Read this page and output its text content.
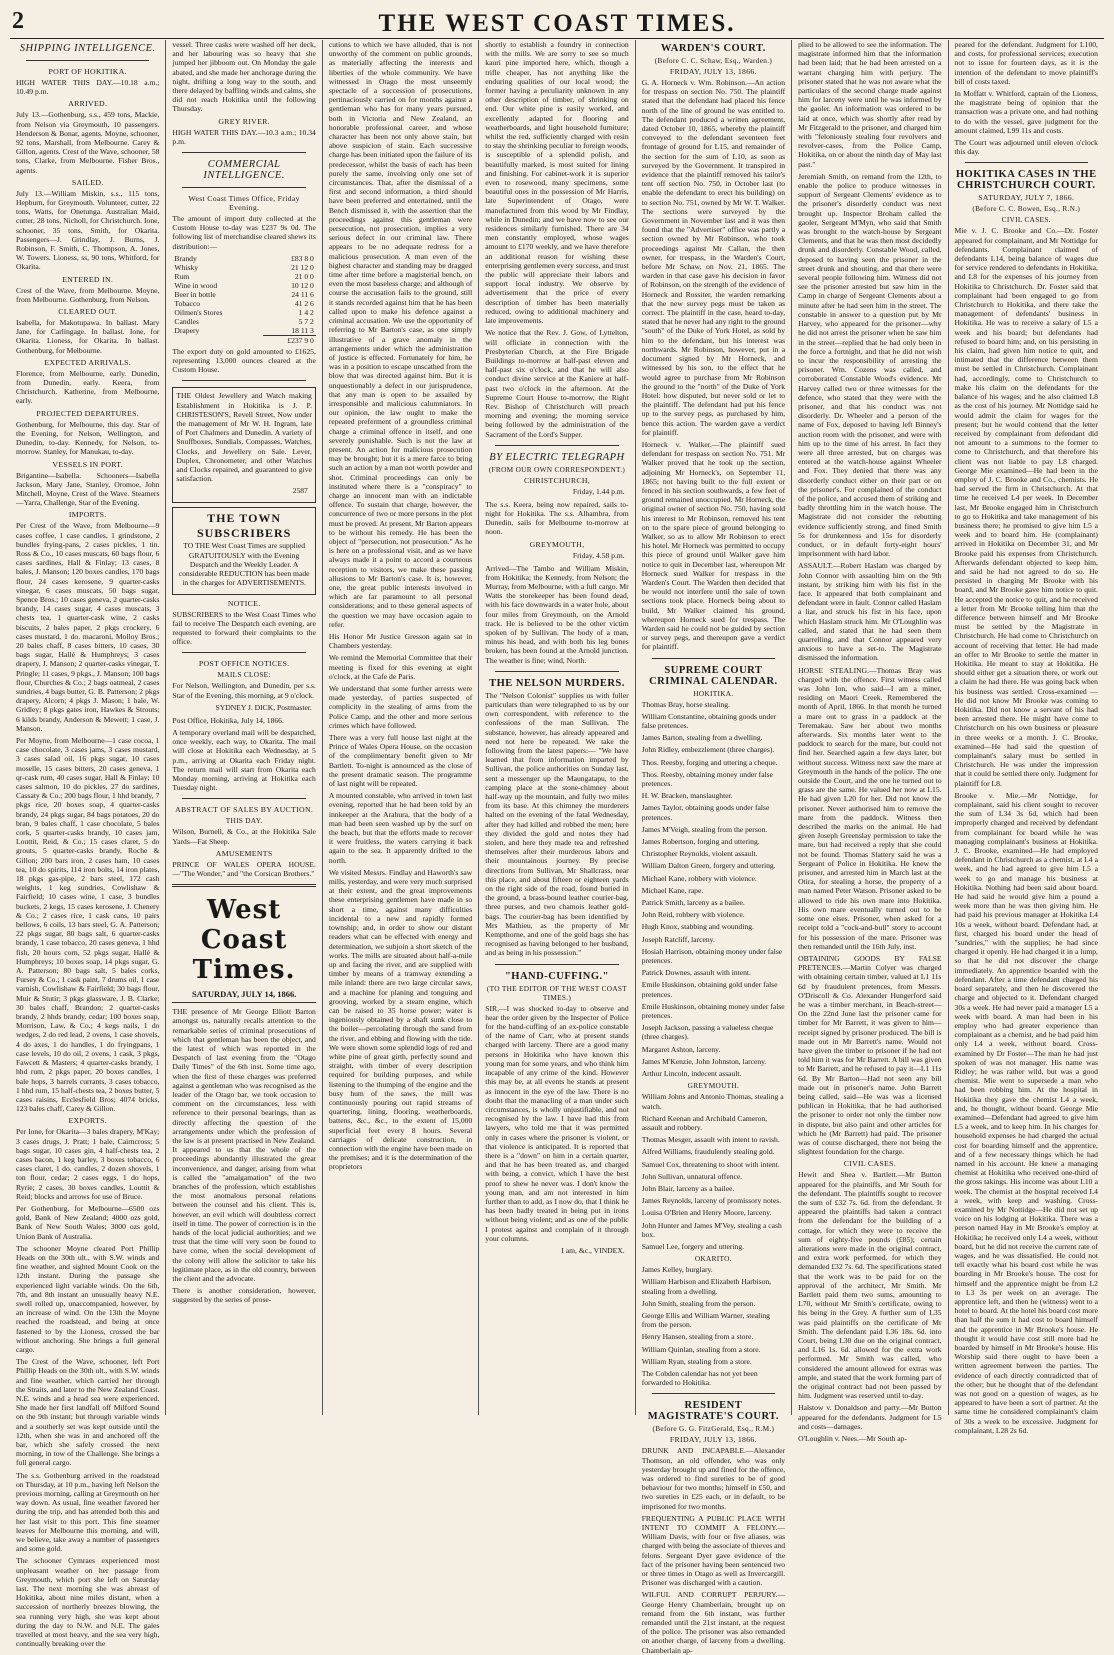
2	THE WEST COAST TIMES.
SHIPPING INTELLIGENCE.
PORT OF HOKITIKA.

HIGH WATER THIS DAY.—10.18 a.m.; 10.49 p.m.

ARRIVED.

July 13.—Gothenburg, s.s., 459 tons, Mackie, from Nelson via Greymouth, 10 passengers. Henderson & Bonar, agents. Moyne, schooner, 92 tons, Marshall, from Melbourne. Carey & Gillon, agents. Crest of the Wave, schooner, 58 tons, Clarke, from Melbourne. Fisher Bros., agents.

SAILED.

July 13.—William Miskin, s.s., 115 tons, Hepburn, for Greymouth. Volunteer, cutter, 22 tons, Watts, for Onetunga. Australian Maid, cutter, 28 tons, Nicholl, for Christchurch. Ione, schooner, 35 tons, Smith, for Okarita. Passengers—J. Grindlay, J. Burns, J. Robinson, F. Smith, C. Thompson, A. Jones, W. Towers. Lioness, ss, 90 tons, Whitford, for Okarita.

ENTERED IN.

Crest of the Wave, from Melbourne. Moyne, from Melbourne. Gothenburg, from Nelson.

CLEARED OUT.

Isabella, for Makotupawa. In ballast. Mary Jane, for Carlingage. In ballast. Ione, for Okarita. Lioness, for Okarita. In ballast. Gothenburg, for Melbourne.

EXPECTED ARRIVALS.

Florence, from Melbourne, early. Dunedin, from Dunedin, early. Keera, from Christchurch. Katherine, from Melbourne, early.

PROJECTED DEPARTURES.

Gothenburg, for Melbourne, this day. Star of the Evening, for Nelson, Wellington, and Dunedin, to-day. Kennedy, for Nelson, to-morrow. Stanley, for Manukau, to-day.

VESSELS IN PORT.

Brigantine—Isabella. Schooners—Isabella Jackson, Mary Jane, Stanley, Oromoe, John Mitchell, Moyne, Crest of the Wave. Steamers—Yarra, Challenge, Star of the Evening.

IMPORTS.

Per Crest of the Wave, from Melbourne—9 cases coffee, 1 case candles, 1 grindstone, 2 bundles frying-pans, 2 cases pickles, 1 tin. Ross & Co., 10 cases muscats, 60 bags flour, 6 cases sardines, Hall & Finlay; 13 cases, 8 bales, J. Manson; 120 boxes candles, 170 bags flour, 24 cases kerosene, 9 quarter-casks vinegar, 6 cases muscats, 50 bags sugar, Spence Bros.; 10 cases geneva, 2 quarter-casks brandy, 14 cases sugar, 4 cases muscats, 3 chests tea, 1 quarter-cask wine, 2 casks biscuits, 2 bales paper, 2 pkgs crockery, 6 cases mustard, 1 do. macaroni, Molloy Bros.; 20 bales chaff, 8 cases bitters, 10 cases, 30 bags sugar, Hallé & Humphreys; 3 cases drapery, J. Manson; 2 quarter-casks vinegar, T. Pringle; 11 cases, 9 pkgs., J. Manson; 100 bags flour, Churches & Co.; 2 bags oatmeal, 2 cases sundries, 4 bags butter, G. B. Patterson; 2 pkgs drapery, Alcorn; 4 pkgs J. Mason; 1 bale, W. Gridley; 8 pkgs gates iron, Hawkes & Strouts; 6 kilds brandy, Anderson & Mewett; 1 case, J. Manson.

Per Moyne, from Melbourne—1 case cocoa, 1 case chocolate, 3 cases jams, 3 cases mustard, 3 cases salad oil, 16 pkgs sugar, 10 cases moselle, 15 cases bitters, 20 cases geneva, 1 qr-cask rum, 40 cases sugar, Hall & Finlay; 10 cases salmon, 10 do pickles, 27 do sardines, Cassaty & Co.; 200 bags flour, 1 hhd brandy, 7 pkgs rice, 20 boxes soap, 4 quarter-casks brandy, 24 pkgs sugar, 84 bags potatoes, 20 do bran, 9 bales chaff, 1 case chocolate, 5 bales cork, 5 quarter-casks brandy, 10 cases jam, Louttit, Reid, & Co.; 15 cases claret, 5 do grouts, 5 quarter-casks brandy, Roche & Gillon; 200 bars iron, 2 cases ham, 10 cases tea, 10 do spirits, 114 iron bolts, 14 iron plates, 18 pkgs gas-pipe, 2 bars steel, 172 cash weights, 1 keg sundries, Cowlishaw & Fairfield; 10 cases wine, 1 case, 3 bundles buckets, 2 kegs, 15 cases kerosene, J. Chenery & Co.; 2 cases rice, 1 cask cans, 10 pairs bellows, 6 coils, 13 bars steel, G. A. Patterson; 22 pkgs sugar, 80 bags salt, 6 quarter-casks brandy, 1 case tobacco, 20 cases geneva, 1 hhd fish, 20 hours corn, 52 pkgs sugar, Hallé & Humphreys; 10 boxes soap, 14 pkgs sugar, G. A. Patterson; 80 bags salt, 5 bales corks, Fursey & Co.; 1 cask paint, 7 drums oil, 1 case varnish, Cowlishaw & Fairfield; 30 bags flour, Muir & Stutir; 3 pkgs glassware, J. B. Clarke; 30 bales chaff, Brandon; 2 quarter-casks brandy, 2 hhds brandy, cedar; 100 boxes soap, Morrison, Law, & Co.; 4 kegs nails, 1 do wedges, 2 do red lead, 2 ovens, 1 case shovels, 4 do axes, 1 do handles, 1 do fryingpans, 1 case levels, 10 do oil, 2 ovens, 1 cask, 3 pkgs, Fawcett & Masters; 4 quarter-casks brandy, 1 hhd rum, 2 pkgs paper, 20 boxes candles, 1 bale hops, 3 barrels currants, 3 cases tobacco, 1 hhd rum, 15 half-chests tea, 2 boxes butter, 5 cases raisins, Ecclesfield Bros; 4074 bricks, 123 bales chaff, Carey & Gillon.

EXPORTS.

Per Ione, for Okarita—3 bales drapery, M'Kay; 3 cases drugs, J. Pratt; 1 bale, Cairncross; 5 bags sugar, 10 cases gin, 4 half-chests tea, 2 cases bacon, 1 keg barley, 3 boxes tobacco, 6 cases claret, 1 do. candles, 2 dozen shovels, 1 ton flour, cedar; 2 cases eggs, 1 do hops, Ryrie; 2 cases, 30 boxes candles, Louttit & Reid; blocks and arrows for use of Bruce.

Per Gothenburg, for Melbourne—6500 ozs gold, Bank of New Zealand; 4000 ozs gold, Bank of New South Wales; 3000 ozs gold, Union Bank of Australia.

The schooner Moyne cleared Port Phillip Heads on the 30th ult., with S.W. winds and fine weather, and sighted Mount Cook on the 12th instant. During the passage she experienced light variable winds. On the 6th, 7th, and 8th instant an unusually heavy N.E. swell rolled up, unaccompanied, however, by an increase of wind. On the 13th the Moyne reached the roadstead, and being at once fastened to by the Lioness, crossed the bar without anchoring. She brings a full general cargo.

The Crest of the Wave, schooner, left Port Phillip Heads on the 30th ult., with S.W. winds and fine weather, which carried her through the Straits, and later to the New Zealand Coast. N.E. winds and a head sea were experienced. She made her first landfall off Milford Sound on the 9th instant; but through variable winds and a southerly set was kept outside until the 12th, when she was in and anchored off the bar, which she safely crossed the next morning, in tow of the Challenge. She brings a full general cargo.

The s.s. Gothenburg arrived in the roadstead on Thursday, at 10 p.m., having left Nelson the previous morning, calling at Greymouth on her way down. As usual, fine weather favored her during the trip, and has attended both this and her last visit to this port. This fine steamer leaves for Melbourne this morning, and will, we believe, take away a number of passengers and some gold.

The schooner Cymraes experienced most unpleasant weather on her passage from Greymouth, which port she left on Saturday last. The next morning she was abreast of Hokitika, about nine miles distant, when a succession of northerly breezes blowing, the sea running very high, she was kept about during the day to N.W. and N.E. The gales travelled at most heavy, and the sea very high, continually breaking over the

vessel. Three casks were washed off her deck, and her labouring was so heavy that she jumped her jibboom out. On Monday the gale abated, and she made her anchorage during the night, drifting a long way to the south, and there delayed by baffling winds and calms, she did not reach Hokitika until the following Thursday.

GREY RIVER.

HIGH WATER THIS DAY.—10.3 a.m.; 10.34 p.m.

COMMERCIAL INTELLIGENCE.
West Coast Times Office, Friday Evening.

The amount of import duty collected at the Custom House to-day was £237 9s 0d. The following list of merchandise cleared shews its distribution:—

Brandy	£83 8 0
Whisky	21 12 0
Rum	21 0 0
Wine in wood	10 12 0
Beer in bottle	24 11 6
Tobacco	41 2 6
Oilmen's Stores	1 4 2
Candles	5 7 2
Drapery	18 11 3
	£237 9 0

The export duty on gold amounted to £1625, representing 13,000 ounces cleared at the Custom House.

THE Oldest Jewellery and Watch making Establishment in Hokitika is J. P. CHRISTESON'S, Revell Street, Now under the management of Mr W. H. Ingram, late of Port Chalmers and Dunedin. A variety of Snuffboxes, Sundials, Compasses, Watches, Clocks, and Jewellery on Sale. Lever, Duplex, Chronometer, and other Watches and Clocks repaired, and guaranteed to give satisfaction.

2587
THE TOWN SUBSCRIBERS

TO THE West Coast Times are supplied GRATUITOUSLY with the Evening Despatch and the Weekly Leader. A considerable REDUCTION has been made in the charges for ADVERTISEMENTS.

NOTICE.

SUBSCRIBERS to the West Coast Times who fail to receive The Despatch each evening, are requested to forward their complaints to the office.

POST OFFICE NOTICES.
MAILS CLOSE:

For Nelson, Wellington, and Dunedin, per s.s. Star of the Evening, this morning, at 9 o'clock.

SYDNEY J. DICK, Postmaster.

Post Office, Hokitika, July 14, 1866.

A temporary overland mail will be despatched, once weekly, each way, to Okarita. The mail will close at Hokitika each Wednesday, at 5 p.m., arriving at Okarita each Friday night. The return mail will start from Okarita each Monday morning, arriving at Hokitika each Tuesday night.

ABSTRACT OF SALES BY AUCTION.
THIS DAY.

Wilson, Burnell, & Co., at the Hokitika Sale Yards—Fat Sheep.

AMUSEMENTS

PRINCE OF WALES OPERA HOUSE.—"The Wonder," and "the Corsican Brothers."

West Coast Times.
SATURDAY, JULY 14, 1866.

THE presence of Mr George Elliott Barton amongst us, naturally recalls attention to the remarkable series of criminal prosecutions of which that gentleman has been the object, and the latest of which was reported in the Despatch of last evening from the "Otago Daily Times" of the 6th inst. Some time ago, when the first of these charges was preferred against a gentleman who was recognised as the leader of the Otago bar, we took occasion to comment on the circumstances, less with reference to their personal bearings, than as directly affecting the question of the arrangements under which the profession of the law is at present practised in New Zealand. It appeared to us that the whole of the proceedings abundantly illustrated the great inconvenience, and danger, arising from what is called the "amalgamation" of the two branches of the profession, which establishes the most anomalous personal relations between the counsel and his client. This is, however, an evil which will doubtless correct itself in time. The power of correction is in the hands of the local judicial authorities; and we trust that the time will very soon be found to have come, when the social development of the colony will allow the solicitor to take his legitimate place, as in the old country, between the client and the advocate.

There is another consideration, however, suggested by the series of prose-

cutions to which we have alluded, that is not unworthy of the comment on public grounds, as materially affecting the interests and liberties of the whole community. We have witnessed in Otago the most unseemly spectacle of a succession of prosecutions, pertinaciously carried on for months against a gentleman who has for many years pursued, both in Victoria and New Zealand, an honorable professional career, and whose character has been not only above stain, but above suspicion of stain. Each successive charge has been initiated upon the failure of its predecessor, whilst the basis of each has been purely the same, involving only one set of circumstances. That, after the dismissal of a first and second information, a third should have been preferred and entertained, until the Bench dismissed it, with the assertion that the proceedings against this gentleman were persecution, not prosecution, implies a very serious defect in our criminal law. There appears to be no adequate redress for a malicious prosecution. A man even of the highest character and standing may be dragged time after time before a magisterial bench, on even the most baseless charge; and although of course the accusation fails to the ground, still it stands recorded against him that he has been called upon to make his defence against a criminal accusation. We use the opportunity of referring to Mr Barton's case, as one simply illustrative of a grave anomaly in the arrangements under which the administration of justice is effected. Fortunately for him, he was in a position to escape unscathed from the blow that was directed against him. But it is unquestionably a defect in our jurisprudence, that any man is open to be assailed by irresponsible and malicious calumniators. In our opinion, the law ought to make the repeated preferment of a groundless criminal charge a criminal offence in itself, and one severely punishable. Such is not the law at present. An action for malicious prosecution may be brought; but it is a mere farce to bring such an action by a man not worth powder and shot. Criminal proceedings can only be instituted where there is a "conspiracy" to charge an innocent man with an indictable offence. To sustain that charge, however, the concurrence of two or more persons in the plot must be proved. At present, Mr Barton appears to be without his remedy. He has been the object of "persecution, not prosecution." As he is here on a professional visit, and as we have always made it a point to accord a courteous reception to visitors, we make these passing allusions to Mr Barton's case. It is, however, one, the great public interests involved in which are far paramount to all personal considerations; and to these general aspects of the question we may have occasion again to refer.

His Honor Mr Justice Gresson again sat in Chambers yesterday.

We remind the Memorial Committee that their meeting is fixed for this evening at eight o'clock, at the Cafe de Paris.

We understand that some further arrests were made yesterday, of parties suspected of complicity in the stealing of arms from the Police Camp, and the other and more serious crimes which have followed.

There was a very full house last night at the Prince of Wales Opera House, on the occasion of the complimentary benefit given to Mr Bartlett. To-night is announced as the close of the present dramatic season. The programme of last night will be repeated.

A mounted constable, who arrived in town last evening, reported that he had been told by an innkeeper at the Arahura, that the body of a man had been seen washed up by the surf on the beach, but that the efforts made to recover it were fruitless, the waters carrying it back again to the sea. It apparently drifted to the north.

We visited Messrs. Findlay and Haworth's saw mills, yesterday, and were very much surprised at their extent, and the great improvements these enterprising gentlemen have made in so short a time, against many difficulties incidental to a new and rapidly formed township; and, in order to show our distant readers what can be effected with energy and determination, we subjoin a short sketch of the works. The mills are situated about half-a-mile up and facing the river, and are supplied with timber by means of a tramway extending a mile inland: there are two large circular saws, and a machine for planing and tonguing and grooving, worked by a steam engine, which can be raised to 35 horse power; water is ingeniously obtained by a shaft sunk close to the boiler—percolating through the sand from the river, and ebbing and flowing with the tide. We were shown some splendid logs of red and white pine of great girth, perfectly sound and straight, with timber of every description required for building purposes, and while listening to the thumping of the engine and the busy hum of the saws, the mill was continuously pouring out rapid streams of quartering, lining, flooring, weatherboards, battens, &c., &c., to the extent of 15,000 superficial feet every 8 hours. Several carriages of delicate construction, in connection with the engine have been made on the premises; and it is the determination of the proprietors

shortly to establish a foundry in connection with the mills. We are sorry to see so much kauri pine imported here, which, though a trifle cheaper, has not anything like the enduring qualities of our local wood; the former having a peculiarity unknown in any other description of timber, of shrinking on end. Our white pine is easily worked, and excellently adapted for flooring and weatherboards, and light household furniture; whilst the red, sufficiently charged with resin to stay the shrinking peculiar to foreign woods, is susceptible of a splendid polish, and beautifully marked, is most suited for lining and finishing. For cabinet-work it is superior even to rosewood, many specimens, some beautiful ones in the possession of Mr Harris, late Superintendent of Otago, were manufactured from this wood by Mr Findlay, while in Dunedin; and we have now to see our residences similarly furnished. There are 34 men constantly employed, whose wages amount to £170 weekly, and we have therefore an additional reason for wishing these enterprising gentlemen every success, and trust the public will appreciate their labors and support local industry. We observe by advertisement that the price of every description of timber has been materially reduced, owing to additional machinery and late improvements.

We notice that the Rev. J. Gow, of Lyttelton, will officiate in connection with the Presbyterian Church, at the Fire Brigade Buildings to-morrow at half-past eleven and half-past six o'clock, and that he will also conduct divine service at the Kaniere at half-past two o'clock in the afternoon. At the Supreme Court House to-morrow, the Right Rev. Bishop of Christchurch will preach morning and evening; the morning service being followed by the administration of the Sacrament of the Lord's Supper.

BY ELECTRIC TELEGRAPH
(FROM OUR OWN CORRESPONDENT.)
CHRISTCHURCH,
Friday, 1.44 p.m.

The s.s. Keera, being now repaired, sails to-night for Hokitika. The s.s. Alhambra, from Dunedin, sails for Melbourne to-morrow at noon.

GREYMOUTH,
Friday, 4.58 p.m.

Arrived—The Tambo and William Miskin, from Hokitika; the Kennedy, from Nelson; the Murray, from Melbourne, with a full cargo. Mr Watts the storekeeper has been found dead, with his face downwards in a water hole, about four miles from Greymouth, on the Arnold track. He is believed to be the other victim spoken of by Sullivan. The body of a man, minus his head, and with both his leg bones broken, has been found at the Arnold junction. The weather is fine; wind, North.

THE NELSON MURDERS.

The "Nelson Colonist" supplies us with fuller particulars than were telegraphed to us by our own correspondent, with reference to the confessions of the man Sullivan. The substance, however, has already appeared and need not here be repeated. We take the following from the latest papers:— "We have learned that from information imparted by Sullivan, the police authorities on Sunday last, sent a messenger up the Maungatapu, to the camping place at the stone-chimney about half-way up the mountain, and fully two miles from its base. At this chimney the murderers halted on the evening of the fatal Wednesday, after they had killed and robbed the men; here they divided the gold and notes they had stolen, and here they made tea and refreshed themselves after their murderous labors and their mountainous journey. By precise directions from Sullivan, Mr Shallcrass, near this place, and about fifteen or eighteen yards on the right side of the road, found buried in the ground, a brass-bound leather courier-bag, three purses, and two chamois leather gold-bags. The courier-bag has been identified by Mrs Mathieu, as the property of Mr Kempthorne, and one of the gold bags she has recognised as having belonged to her husband, and as being in his possession."

"HAND-CUFFING."
(TO THE EDITOR OF THE WEST COAST TIMES.)

SIR,—I was shocked to-day to observe and hear the order given by the Inspector of Police for the hand-cuffing of an ex-police constable of the name of Carr, who at present stands charged with larceny. There are a good many persons in Hokitika who have known this young man for some years, and who think him incapable of any crime of the kind. However this may be, at all events he stands at present as innocent in the eye of the law. There is no doubt that the manacling of a man under such circumstances, is wholly unjustifiable, and not recognised by the law. I have had this from lawyers, who told me that it was permitted only in cases where the prisoner is violent, or that violence is anticipated. It is reported that there is a "down" on him in a certain quarter, and that he has been treated as, and charged with being, a convict, which I have the best proof to shew he never was. I don't know the young man, and am not interested in him further than to add, as I now do, that I think he has been badly treated in being put in irons without being violent; and as one of the public I protest against and complain of it through your columns.

I am, &c., VINDEX.
WARDEN'S COURT.
(Before C. C. Schaw, Esq., Warden.)
FRIDAY, JULY 13, 1866.

G. A. Horneck v. Wm. Robinson.—An action for trespass on section No. 750. The plaintiff stated that the defendant had placed his fence north of the line of ground he was entitled to. The defendant produced a written agreement, dated October 10, 1865, whereby the plaintiff conveyed to the defendant seventeen feet frontage of ground for L15, and remainder of the section for the sum of L10, as soon as surveyed by the Government. It transpired in evidence that the plaintiff removed his tailor's tent off section No. 750, in October last (to enable the defendant to erect his building) on to section No. 751, owned by Mr W. T. Walker. The sections were surveyed by the Government in November last and it was then found that the "Advertiser" office was partly a section owned by Mr Robinson, who took proceedings against Mr Callan, the then owner, for trespass, in the Warden's Court, before Mr Schaw, on Nov. 21, 1865. The warden in that case gave his decision in favor of Robinson, on the strength of the evidence of Horneck and Rossiter, the warden remarking that the new survey pegs must be taken as correct. The plaintiff in the case, heard to-day, stated that he never had any right to the ground "south" of the Duke of York Hotel, as sold by him to the defendant, but his interest was northwards. Mr Robinson, however, put in a document signed by Mr Horneck, and witnessed by his son, to the effect that he would agree to purchase from Mr Robinson the ground to the "north" of the Duke of York Hotel: how disputed, but never sold or let to the plaintiff. The defendant had put his fence up to the survey pegs, as purchased by him, hence this action. The warden gave a verdict for plaintiff.

Horneck v. Walker.—The plaintiff sued defendant for trespass on section No. 751. Mr Walker proved that he took up the section, adjoining Mr Horneck's, on September 11, 1865; not having built to the full extent or fenced in his section southwards, a few feet of ground remained unoccupied. Mr Horneck, the original owner of section No. 750, having sold his interest to Mr Robinson, removed his tent on to the spare piece of ground belonging to Walker, so as to allow Mr Robinson to erect his hotel. Mr Horneck was permitted to occupy this piece of ground until Walker gave him notice to quit in December last, whereupon Mr Horneck sued Walker for trespass in the Warden's Court. The Warden then decided that he would not interfere until the sale of town sections took place. Horneck being about to build, Mr Walker claimed his ground, whereupon Horneck sued for trespass. The Warden said he could not be guided by section or survey pegs, and thereupon gave a verdict for plaintiff.

SUPREME COURT CRIMINAL CALENDAR.
HOKITIKA.

Thomas Bray, horse stealing.

William Constantine, obtaining goods under false pretences.

James Barton, stealing from a dwelling.

John Ridley, embezzlement (three charges).

Thos. Reesby, forging and uttering a cheque.

Thos. Reesby, obtaining money under false pretences.

H. W. Bracken, manslaughter.

James Taylor, obtaining goods under false pretences.

James M'Veigh, stealing from the person.

James Robertson, forging and uttering.

Christopher Reynolds, violent assault.

William Dalton Green, forgery and uttering.

Michael Kane, robbery with violence.

Michael Kane, rape.

Patrick Smith, larceny as a bailee.

John Reid, robbery with violence.

Hugh Knox, stabbing and wounding.

Joseph Ratcliff, larceny.

Hosiah Harrison, obtaining money under false pretences.

Patrick Downes, assault with intent.

Emile Huskinson, obtaining gold under false pretences.

Emile Huskinson, obtaining money under false pretences.

Joseph Jackson, passing a valueless cheque (three charges).

Margaret Ashton, larceny.

James M'Kenzie, John Johnston, larceny.

Arthur Lincoln, indecent assault.

GREYMOUTH.

William Johns and Antonio Thomas, stealing a watch.

Richard Keenan and Archibald Cameron, assault and robbery.

Thomas Mesger, assault with intent to ravish.

Alfred Williams, fraudulently stealing gold.

Samuel Cox, threatening to shoot with intent.

John Sullivan, unnatural offence.

John Blair, larceny as a bailee.

James Reynolds, larceny of promissory notes.

Louisa O'Brien and Henry Moore, larceny.

John Hunter and James M'Vey, stealing a cash box.

Samuel Lee, forgery and uttering.

OKARITO.

James Kelley, burglary.

William Harbison and Elizabeth Harbison, stealing from a dwelling.

John Smith, stealing from the person.

George Ellis and William Warner, stealing from the person.

Henry Hansen, stealing from a store.

William Quinlan, stealing from a store.

William Ryan, stealing from a store.

The Cobden calendar has not yet been forwarded to Hokitika.

RESIDENT MAGISTRATE'S COURT.
(Before G. G. FitzGerald, Esq., R.M.)
FRIDAY, JULY 13, 1866.

DRUNK AND INCAPABLE.—Alexander Thomson, an old offender, who was only yesterday brought up and fined for the offence, was ordered to find sureties to be of good behaviour for two months; himself in £50, and two sureties in £25 each, or in default, to be imprisoned for two months.

FREQUENTING A PUBLIC PLACE WITH INTENT TO COMMIT A FELONY.—William Davis, with four or five aliases, was charged with being the associate of thieves and felons. Sergeant Dyer gave evidence of the fact of the prisoner having been sentenced two or three times in Otago as well as Invercargill. Prisoner was discharged with a caution.

WILFUL AND CORRUPT PERJURY.—George Henry Chamberlain, brought up on remand from the 6th instant, was further remanded until the 21st instant, at the request of the police. The prisoner was also remanded on another charge, of larceny from a dwelling. Chamberlain ap-

plied to be allowed to see the information. The magistrate informed him that the information had been laid; that he had been arrested on a warrant charging him with perjury. The prisoner stated that he was not aware what the particulars of the second charge made against him for larceny were until he was informed by the gaoler. An information was ordered to be laid at once, which was shortly after read by Mr Fitzgerald to the prisoner, and charged him with "feloniously stealing four revolvers and revolver-cases, from the Police Camp, Hokitika, on or about the ninth day of May last past."

Jeremiah Smith, on remand from the 12th, to enable the police to produce witnesses in support of Sergeant Clements' evidence as to the prisoner's disorderly conduct was next brought up. Inspector Broham called the gaoler, Sergeant M'Myn, who said that Smith was brought to the watch-house by Sergeant Clements, and that he was then most decidedly drunk and disorderly. Constable Wood, called, deposed to having seen the prisoner in the street drunk and shouting, and that there were several people following him. Witness did not see the prisoner arrested but saw him in the Camp in charge of Sergeant Clements about a minute after he had seen him in the street. The constable in answer to a question put by Mr Harvey, who appeared for the prisoner—why he did not arrest the prisoner when he saw him in the street—replied that he had only been in the force a fortnight, and that he did not wish to incur the responsibility of arresting the prisoner. Wm. Cozens was called, and corroborated Constable Wood's evidence. Mr Harvey called two or three witnesses for the defence, who stated that they were with the prisoner, and that his conduct was not disorderly. Dr. Wheeler and a person of the name of Fox, deposed to having left Binney's auction room with the prisoner, and were with him up to the time of his arrest. In fact they were all three arrested, but on charges was entered at the watch-house against Wheeler and Fox. They denied that there was any disorderly conduct either on their part or on the prisoner's. For complained of the conduct of the police, and accused them of striking and badly throttling him in the watch house. The Magistrate did not consider the rebutting evidence sufficiently strong, and fined Smith 5s for drunkenness and 15s for disorderly conduct, or in default forty-eight hours' imprisonment with hard labor.

ASSAULT.—Robert Haslam was charged by John Connor with assaulting him on the 9th instant, by striking him with his fist in the face. It appeared that both complainant and defendant were in fault. Connor called Haslam a liar, and struck his fist in his face, upon which Haslam struck him. Mr O'Loughlin was called, and stated that he had seen them quarrelling, and that Connor appeared very anxious to have a set-to. The Magistrate dismissed the information.

HORSE STEALING.—Thomas Bray was charged with the offence. First witness called was John Ion, who said—I am a miner, residing on Maori Creek. Remembered the month of April, 1866. In that month he turned a mare out to grass in a paddock at the Teremakau. Saw her about two months afterwards. Six months later went to the paddock to search for the mare, but could not find her. Searched again a few days later, but without success. Witness next saw the mare at Greymouth in the hands of the police. The one outside the Court, and the one he turned out to grass are the same. He valued her now at L15. He had given L20 for her. Did not know the prisoner. Never authorised him to remove the mare from the paddock. Witness then described the marks on the animal. He had given Joseph Greenslay permission to take the mare, but had received a reply that she could not be found. Thomas Slattery said he was a Sergeant of Police in Hokitika. He knew the prisoner, and arrested him in March last at the Otira, for stealing a horse, the property of a man named Peter Watson. Prisoner asked to be allowed to ride his own mare into Hokitika. His own mare eventually turned out to be some one elses. Prisoner, when asked for a receipt told a "cock-and-bull" story to account for his possession of the mare. Prisoner was then remanded until the 16th July, inst.

OBTAINING GOODS BY FALSE PRETENCES.—Martin Colyer was charged with obtaining certain timber, valued at L1 11s 6d by fraudulent pretences, from Messrs. O'Driscoll & Co. Alexander Hungerford said he was a timber merchant, in Beach-street—On the 22nd June last the prisoner came for timber for Mr Barrett, it was given to him—receipt signed by prisoner produced. The bill is made out in Mr Barrett's name. Would not have given the timber to prisoner if he had not told him it was for Mr Barrett. A bill was given to Mr Barrett, and he refused to pay it—L1 11s 6d. By Mr Barton—Had not seen any bill made out in prisoner's name. John Barrett being called, said—He was was a licensed publican in Hokitika, that he had authorised the prisoner to order not only the timber now in dispute, but also paint and other articles for which he (Mr Barrett) had paid. The prisoner was of course discharged, there not being the slightest foundation for the charge.

CIVIL CASES.

Hewit and Shea v. Bartlett.—Mr Button appeared for the plaintiffs, and Mr South for the defendant. The plaintiffs sought to recover the sum of £32 7s. 6d. from the defendant. It appeared the plaintiffs had taken a contract from the defendant for the building of a cottage, for which they were to receive the sum of eighty-five pounds (£85); certain alterations were made in the original contract, and extra work performed, for which they demanded £32 7s. 6d. The specifications stated that the work was to be paid for on the approval of the architect, Mr Smith. Mr Bartlett paid them two sums, amounting to L70, without Mr Smith's certificate, owing to his being in the Grey. A further sum of L35 was paid plaintiffs on the certificate of Mr Smith. The defendant paid L36 18s. 6d. into Court, being L30 due on the original contract, and L16 1s. 6d. allowed for the extra work performed. Mr Smith was called, who considered the amount allowed for extras was ample, and stated that the work forming part of the original contract had not been passed by him. Judgment was reserved until to-day.

Halstow v. Donaldson and party.—Mr Button appeared for the defendants. Judgment for L5 and costs—damages.

O'Loughlin v. Nees.—Mr South ap-

peared for the defendant. Judgment for L100, and costs, for professional services; execution not to issue for fourteen days, as it is the intention of the defendant to move plaintiff's bill of costs taxed.

In Moffatt v. Whitford, captain of the Lioness, the magistrate being of opinion that the transaction was a private one, and had nothing to do with the vessel, gave judgment for the amount claimed, L99 11s and costs.

The Court was adjourned until eleven o'clock this day.

HOKITIKA CASES IN THE CHRISTCHURCH COURT.
SATURDAY, JULY 7, 1866.
(Before C. C. Bowen, Esq., R.N.)
CIVIL CASES.

Mie v. J. C. Brooke and Co.—Dr. Foster appeared for complainant, and Mr Nottidge for defendants. Complainant claimed of defendants L14, being balance of wages due for service rendered to defendants in Hokitika, and L8 for the expenses of his journey from Hokitika to Christchurch. Dr. Foster said that complainant had been engaged to go from Christchurch to Hokitika, and there take the management of defendants' business in Hokitika. He was to receive a salary of L5 a week and his board; but defendants had refused to board him; and, on his persisting in his claim, had given him notice to quit, and intimated that the difference between them must be settled in Christchurch. Complainant had, accordingly, come to Christchurch to make his claim on the defendants for the balance of his wages; and he also claimed L8 as the cost of his journey. Mr Nottidge said he would admit the claim for wages for the present; but he would contend that the letter received by complainant from defendant did not amount to a summons to the former to come to Christchurch, and that therefore his client was not liable to pay L8 charged. George Mie examined—He had been in the employ of J. C. Brooke and Co., chemists. He had served the firm in Christchurch. At that time he received L4 per week. In December last, Mr Brooke engaged him in Christchurch to go to Hokitika and take management of his business there; he promised to give him L5 a week and to board him. He (complainant) arrived in Hokitika on December 31, and Mr Brooke paid his expenses from Christchurch. Afterwards defendant objected to keep him, and said he had not agreed to do so. He persisted in charging Mr Brooke with his board, and Mr Brooke gave him notice to quit. He accepted the notice to quit, and he received a letter from Mr Brooke telling him that the difference between himself and Mr Brooke must be settled by the Magistrate in Christchurch. He had come to Christchurch on account of receiving that letter. He had made an offer to Mr Brooke to settle the matter in Hokitika. He meant to stay at Hokitika. He should either get a situation there, or work out a claim he had there. He was going back when his business was settled. Cross-examined — He did not know Mr Brooke was coming to Hokitika. Did not know a servant of his had been arrested there. He might have come to Christchurch on his own business or pleasure in three weeks or a month. J. C. Brooke, examined—He had said the question of complainant's salary must be settled in Christchurch. He was under the impression that it could be settled there only. Judgment for plaintiff for L8.

Brooke v. Mie.—Mr Nottidge, for complainant, said his client sought to recover the sum of L34 3s 6d, which had been improperly charged and received by defendant from complainant for board while he was managing complainant's business at Hokitika. J. C. Brooke, examined—He had employed defendant in Christchurch as a chemist, at L4 a week, and he had agreed to give him L5 a week to go and manage his business at Hokitika. Nothing had been said about board. He had said he would give him a pound a week more than he was then giving him. He had paid his previous manager at Hokitika L4 10s a week, without board. Defendant had, at first, charged his board under the head of "sundries," with the supplies; he had since charged it openly. He had charged it in a lump, so that he did not discover the charge immediately. An apprentice boarded with the defendant. After a time defendant charged his board separately, and then he discovered the charge and objected to it. Defendant charged 30s a week. He had never paid a manager L5 a week with board. A man had been in his employ who had greater experience than complainant as a chemist, and he had paid him only L4 a week, without board. Cross-examined by Dr Foster—The man he had just spoken of was not manager. His name was Ridley; he was rather wild, but was a good chemist. Mie went to supersede a man who had been robbing him. At the hospital in Hokitika they gave the chemist L4 a week, and, he thought, without board. George Mie examined—Defendant had agreed to give him L5 a week, and to keep him. In his charges for household expenses he had charged the actual cost for boarding himself and the apprentice, and of a few necessary things which he had named in his account. He knew a managing chemist at Hokitika who received one-third of the gross takings. His income was about L10 a week. The chemist at the hospital received L4 a week, with keep and washing. Cross-examined by Mr Nottidge—He did not set up voice on his lodging at Hokitika. There was a person named Hay in Mr Brooke's employ at Hokitika; he received only L4 a week, without board, but he did not receive the current rate of wages, and he was dissatisfied. He could not tell exactly what his board cost while he was boarding in Mr Brooke's house. The cost for himself and the apprentice might be from L2 to L3 3s per week on an average. The apprentice left, and then he (witness) went to a hotel to board. At the hotel his board cost more than half the sum it had cost to board himself and the apprentice in Mr Brooke's house. He thought it would have cost still more had he boarded by himself in Mr Brooke's house. His Worship said there ought to have been a written agreement between the parties. The evidence of each directly contradicted that of the other; but he thought that of the defendant was not good on a question of wages, as he appeared to have been a sort of partner. At the same time he considered complainant's claim of 30s a week to be excessive. Judgment for complainant, L28 2s 6d.
